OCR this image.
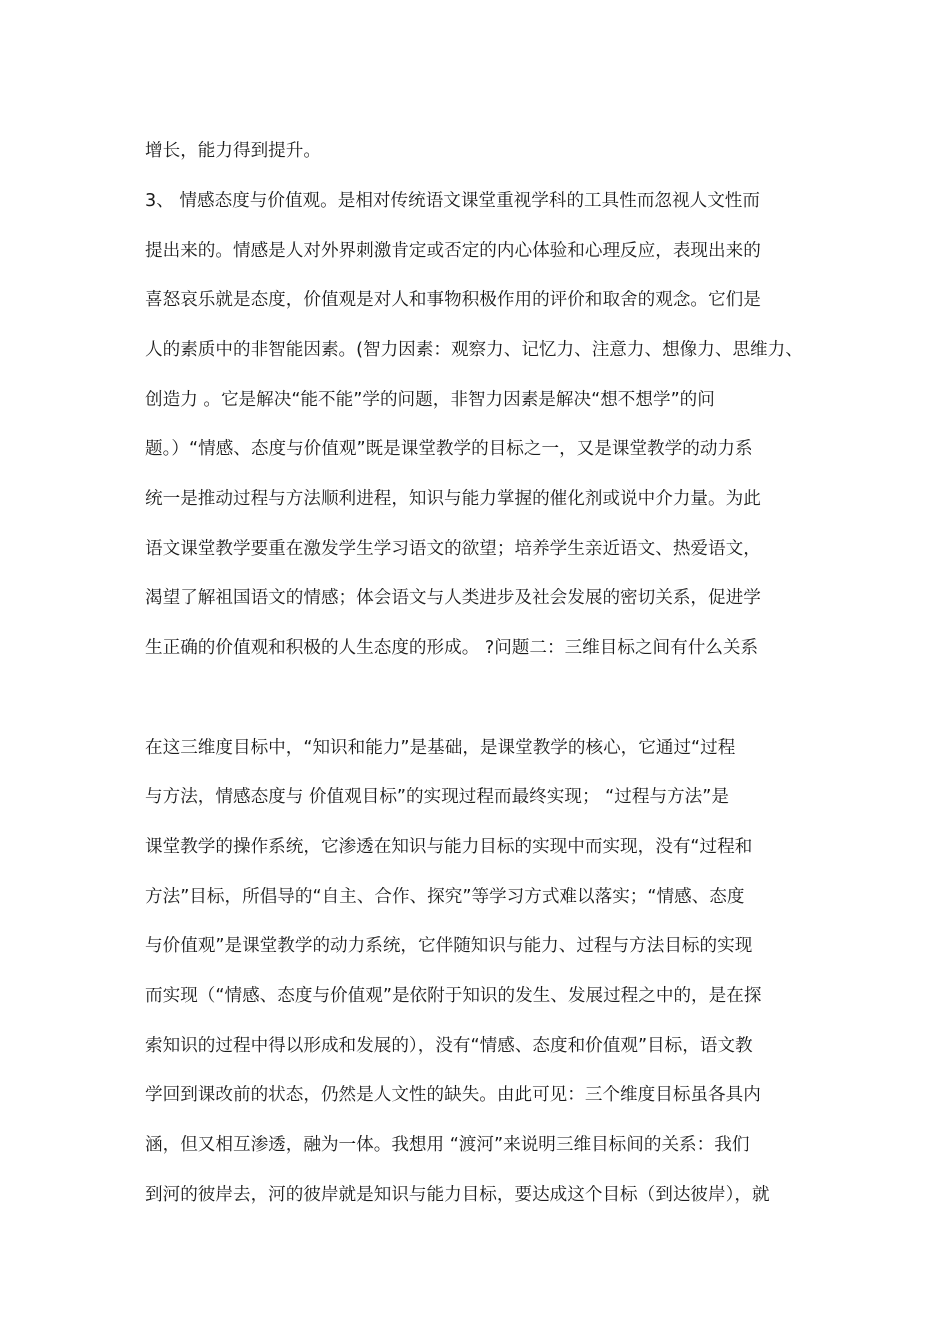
增长，能力得到提升。
3、 情感态度与价值观。是相对传统语文课堂重视学科的工具性而忽视人文性而
提出来的。情感是人对外界刺激肯定或否定的内心体验和心理反应，表现出来的
喜怒哀乐就是态度，价值观是对人和事物积极作用的评价和取舍的观念。它们是
人的素质中的非智能因素。(智力因素：观察力、记忆力、注意力、想像力、思维力、
创造力 。它是解决“能不能”学的问题，非智力因素是解决“想不想学”的问
题。）“情感、态度与价值观”既是课堂教学的目标之一，又是课堂教学的动力系
统一是推动过程与方法顺利进程，知识与能力掌握的催化剂或说中介力量。为此
语文课堂教学要重在激发学生学习语文的欲望；培养学生亲近语文、热爱语文，
渴望了解祖国语文的情感；体会语文与人类进步及社会发展的密切关系，促进学
生正确的价值观和积极的人生态度的形成。 ?问题二：三维目标之间有什么关系
在这三维度目标中，“知识和能力”是基础，是课堂教学的核心，它通过“过程
与方法，情感态度与 价值观目标”的实现过程而最终实现； “过程与方法”是
课堂教学的操作系统，它渗透在知识与能力目标的实现中而实现，没有“过程和
方法”目标，所倡导的“自主、合作、探究”等学习方式难以落实；“情感、态度
与价值观”是课堂教学的动力系统，它伴随知识与能力、过程与方法目标的实现
而实现（“情感、态度与价值观”是依附于知识的发生、发展过程之中的，是在探
索知识的过程中得以形成和发展的），没有“情感、态度和价值观”目标，语文教
学回到课改前的状态，仍然是人文性的缺失。由此可见：三个维度目标虽各具内
涵，但又相互渗透，融为一体。我想用 “渡河”来说明三维目标间的关系：我们
到河的彼岸去，河的彼岸就是知识与能力目标，要达成这个目标（到达彼岸），就
